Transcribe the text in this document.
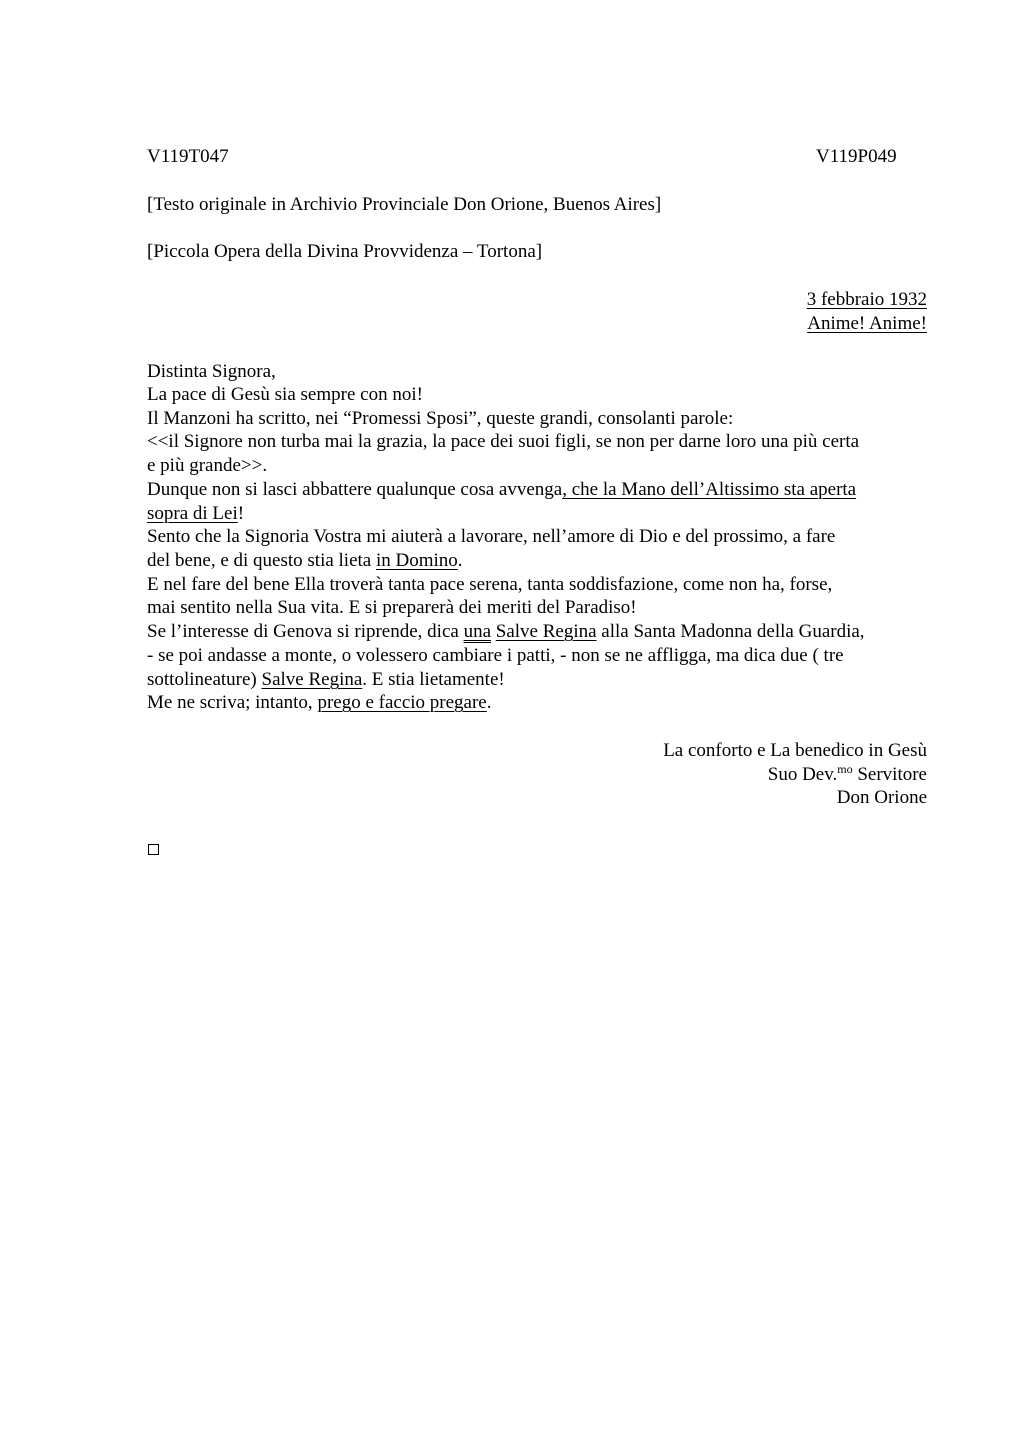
V119T047	V119P049
[Testo originale in Archivio Provinciale Don Orione, Buenos Aires]
[Piccola Opera della Divina Provvidenza – Tortona]
3 febbraio 1932
Anime! Anime!
Distinta Signora,
La pace di Gesù sia sempre con noi!
Il Manzoni ha scritto, nei “Promessi Sposi”, queste grandi, consolanti parole:
<<il Signore non turba mai la grazia, la pace dei suoi figli, se non per darne loro una più certa
e più grande>>.
Dunque non si lasci abbattere qualunque cosa avvenga, che la Mano dell’Altissimo sta aperta
sopra di Lei!
Sento che la Signoria Vostra mi aiuterà a lavorare, nell’amore di Dio e del prossimo, a fare
del bene, e di questo stia lieta in Domino.
E nel fare del bene Ella troverà tanta pace serena, tanta soddisfazione, come non ha, forse,
mai sentito nella Sua vita. E si preparerà dei meriti del Paradiso!
Se l’interesse di Genova si riprende, dica una Salve Regina alla Santa Madonna della Guardia,
- se poi andasse a monte, o volessero cambiare i patti, - non se ne affligga, ma dica due ( tre
sottolineature) Salve Regina. E stia lietamente!
Me ne scriva; intanto, prego e faccio pregare.
La conforto e La benedico in Gesù
Suo Dev.$^{mo}$ Servitore
Don Orione
